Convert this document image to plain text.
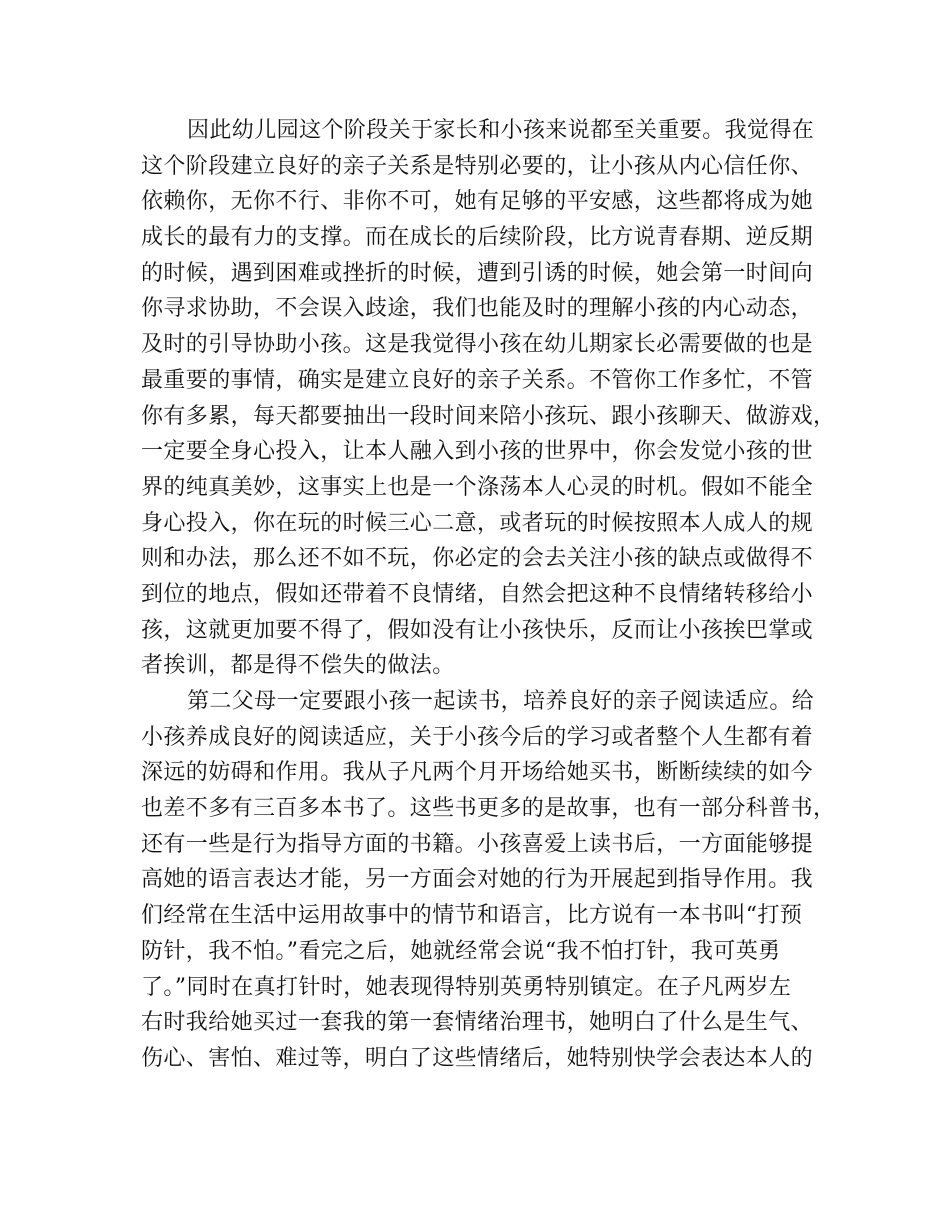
因此幼儿园这个阶段关于家长和小孩来说都至关重要。我觉得在
这个阶段建立良好的亲子关系是特别必要的，让小孩从内心信任你、
依赖你，无你不行、非你不可，她有足够的平安感，这些都将成为她
成长的最有力的支撑。而在成长的后续阶段，比方说青春期、逆反期
的时候，遇到困难或挫折的时候，遭到引诱的时候，她会第一时间向
你寻求协助，不会误入歧途，我们也能及时的理解小孩的内心动态，
及时的引导协助小孩。这是我觉得小孩在幼儿期家长必需要做的也是
最重要的事情，确实是建立良好的亲子关系。不管你工作多忙，不管
你有多累，每天都要抽出一段时间来陪小孩玩、跟小孩聊天、做游戏，
一定要全身心投入，让本人融入到小孩的世界中，你会发觉小孩的世
界的纯真美妙，这事实上也是一个涤荡本人心灵的时机。假如不能全
身心投入，你在玩的时候三心二意，或者玩的时候按照本人成人的规
则和办法，那么还不如不玩，你必定的会去关注小孩的缺点或做得不
到位的地点，假如还带着不良情绪，自然会把这种不良情绪转移给小
孩，这就更加要不得了，假如没有让小孩快乐，反而让小孩挨巴掌或
者挨训，都是得不偿失的做法。
第二父母一定要跟小孩一起读书，培养良好的亲子阅读适应。给
小孩养成良好的阅读适应，关于小孩今后的学习或者整个人生都有着
深远的妨碍和作用。我从子凡两个月开场给她买书，断断续续的如今
也差不多有三百多本书了。这些书更多的是故事，也有一部分科普书，
还有一些是行为指导方面的书籍。小孩喜爱上读书后，一方面能够提
高她的语言表达才能，另一方面会对她的行为开展起到指导作用。我
们经常在生活中运用故事中的情节和语言，比方说有一本书叫“打预
防针，我不怕。”看完之后，她就经常会说“我不怕打针，我可英勇
了。”同时在真打针时，她表现得特别英勇特别镇定。在子凡两岁左
右时我给她买过一套我的第一套情绪治理书，她明白了什么是生气、
伤心、害怕、难过等，明白了这些情绪后，她特别快学会表达本人的
